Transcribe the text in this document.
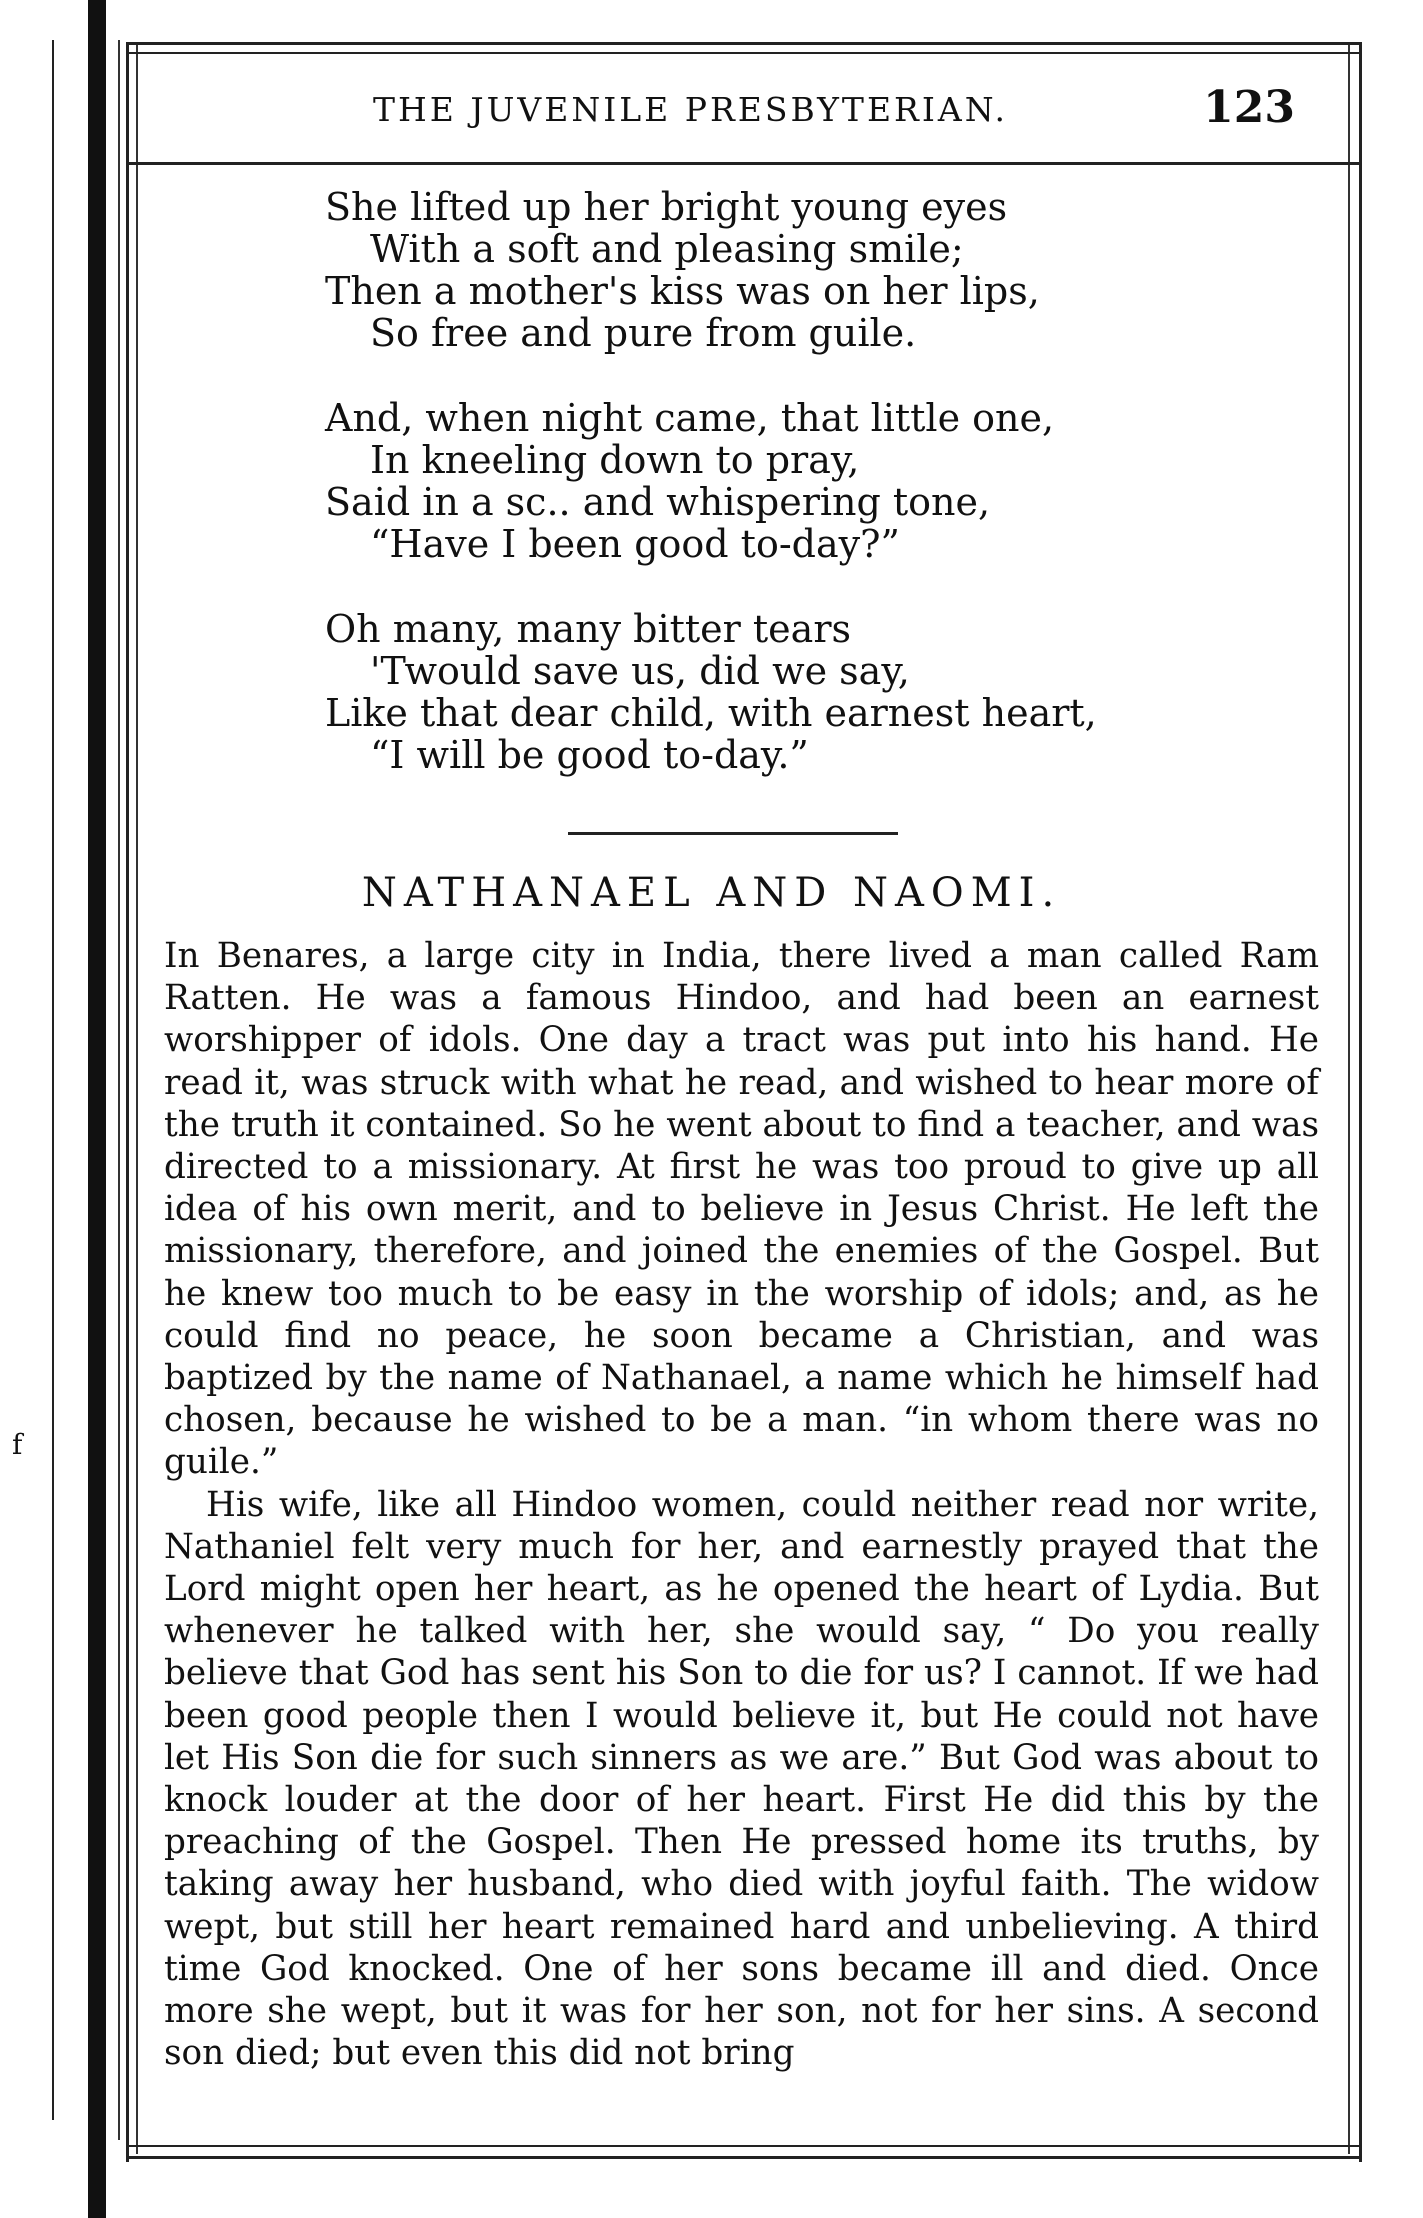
f
THE JUVENILE PRESBYTERIAN.	123
She lifted up her bright young eyes
With a soft and pleasing smile;
Then a mother's kiss was on her lips,
So free and pure from guile.
And, when night came, that little one,
In kneeling down to pray,
Said in a sc.. and whispering tone,
“Have I been good to-day?”
Oh many, many bitter tears
'Twould save us, did we say,
Like that dear child, with earnest heart,
“I will be good to-day.”
NATHANAEL AND NAOMI.

In Benares, a large city in India, there lived a man called Ram Ratten. He was a famous Hindoo, and had been an earnest worshipper of idols. One day a tract was put into his hand. He read it, was struck with what he read, and wished to hear more of the truth it contained. So he went about to find a teacher, and was directed to a missionary. At first he was too proud to give up all idea of his own merit, and to believe in Jesus Christ. He left the missionary, therefore, and joined the enemies of the Gospel. But he knew too much to be easy in the worship of idols; and, as he could find no peace, he soon became a Christian, and was baptized by the name of Nathanael, a name which he himself had chosen, because he wished to be a man. “in whom there was no guile.”

His wife, like all Hindoo women, could neither read nor write, Nathaniel felt very much for her, and earnestly prayed that the Lord might open her heart, as he opened the heart of Lydia. But whenever he talked with her, she would say, “ Do you really believe that God has sent his Son to die for us? I cannot. If we had been good people then I would believe it, but He could not have let His Son die for such sinners as we are.” But God was about to knock louder at the door of her heart. First He did this by the preaching of the Gospel. Then He pressed home its truths, by taking away her husband, who died with joyful faith. The widow wept, but still her heart remained hard and unbelieving. A third time God knocked. One of her sons became ill and died. Once more she wept, but it was for her son, not for her sins. A second son died; but even this did not bring
